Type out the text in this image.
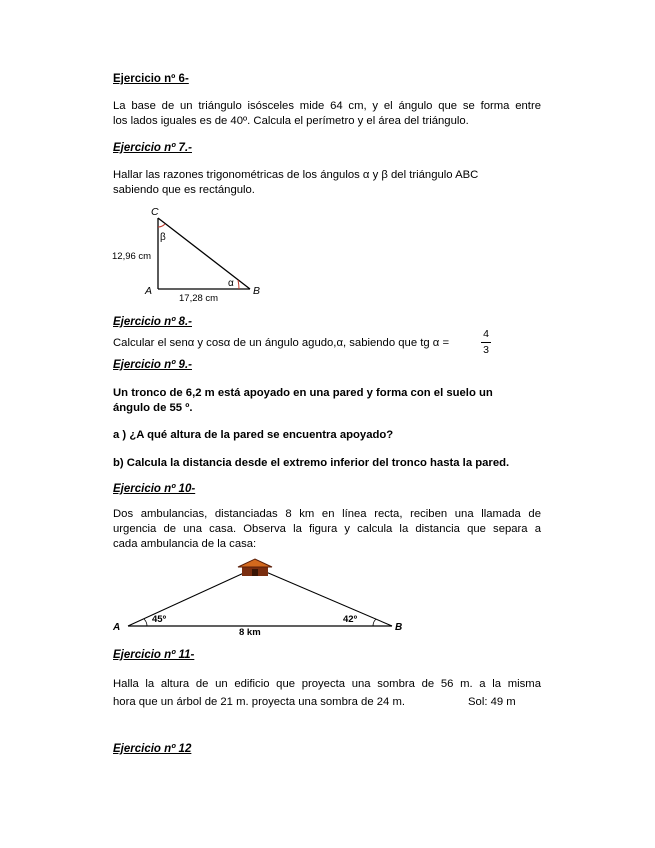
Ejercicio nº 6-

La base de un triángulo isósceles mide 64 cm, y el ángulo que se forma entre

los lados iguales es de 40º. Calcula el perímetro y el área del triángulo.

Ejercicio nº 7.-

Hallar las razones trigonométricas de los ángulos α y β del triángulo ABC

sabiendo que es rectángulo.

C
A	B
β
α
12,96 cm
17,28 cm

Ejercicio nº 8.-

Calcular el senα y cosα de un ángulo agudo,α, sabiendo que tg α =

4
3

Ejercicio nº 9.-

Un tronco de 6,2 m está apoyado en una pared y forma con el suelo un

ángulo de 55 º.

a ) ¿A qué altura de la pared se encuentra apoyado?

b) Calcula la distancia desde el extremo inferior del tronco hasta la pared.

Ejercicio nº 10-

Dos ambulancias, distanciadas 8 km en línea recta, reciben una llamada de

urgencia de una casa. Observa la figura y calcula la distancia que separa a

cada ambulancia de la casa:

A	B
45º	42º
8 km

Ejercicio nº 11-

Halla la altura de un edificio que proyecta una sombra de 56 m. a la misma

hora que un árbol de 21 m. proyecta una sombra de 24 m.	Sol: 49 m

Ejercicio nº 12
